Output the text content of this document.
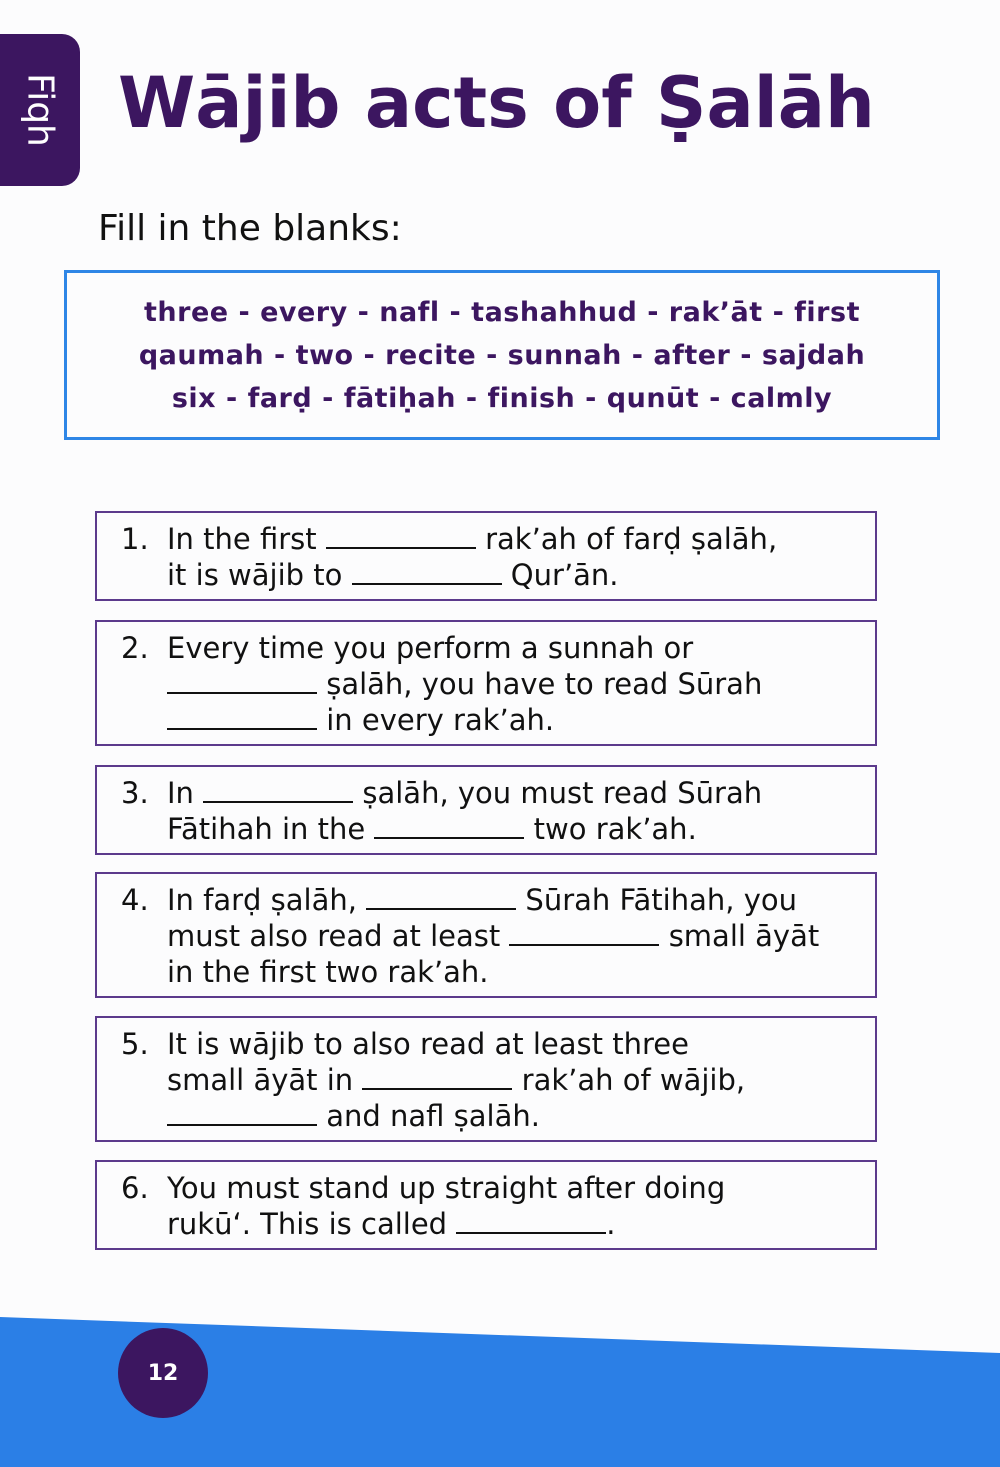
Fiqh Wājib acts of Ṣalāh
Fill in the blanks:
three - every - nafl - tashahhud - rak’āt - first
qaumah - two - recite - sunnah - after - sajdah
six - farḍ - fātiḥah - finish - qunūt - calmly
1. In the first	rak’ah of farḍ ṣalāh,
it is wājib to	Qur’ān.
2. Every time you perform a sunnah or
ṣalāh, you have to read Sūrah
in every rak’ah.
3. In	ṣalāh, you must read Sūrah
Fātihah in the	two rak’ah.
4. In farḍ ṣalāh,	Sūrah Fātihah, you
must also read at least	small āyāt
in the first two rak’ah.
5. It is wājib to also read at least three
small āyāt in	rak’ah of wājib,
and nafl ṣalāh.
6. You must stand up straight after doing
rukū‘. This is called	.
12
